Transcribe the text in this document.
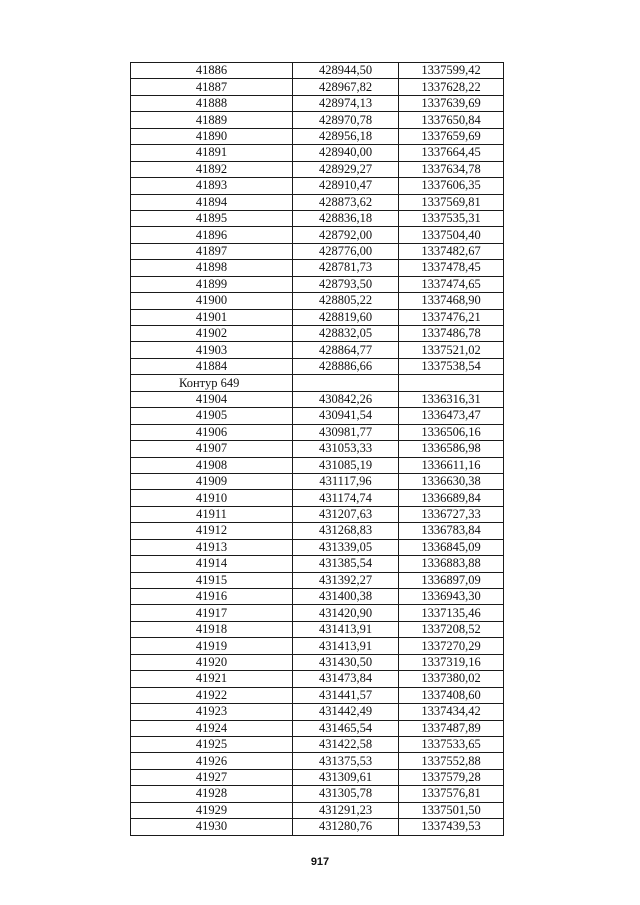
41886	428944,50	1337599,42
41887	428967,82	1337628,22
41888	428974,13	1337639,69
41889	428970,78	1337650,84
41890	428956,18	1337659,69
41891	428940,00	1337664,45
41892	428929,27	1337634,78
41893	428910,47	1337606,35
41894	428873,62	1337569,81
41895	428836,18	1337535,31
41896	428792,00	1337504,40
41897	428776,00	1337482,67
41898	428781,73	1337478,45
41899	428793,50	1337474,65
41900	428805,22	1337468,90
41901	428819,60	1337476,21
41902	428832,05	1337486,78
41903	428864,77	1337521,02
41884	428886,66	1337538,54
Контур 649		
41904	430842,26	1336316,31
41905	430941,54	1336473,47
41906	430981,77	1336506,16
41907	431053,33	1336586,98
41908	431085,19	1336611,16
41909	431117,96	1336630,38
41910	431174,74	1336689,84
41911	431207,63	1336727,33
41912	431268,83	1336783,84
41913	431339,05	1336845,09
41914	431385,54	1336883,88
41915	431392,27	1336897,09
41916	431400,38	1336943,30
41917	431420,90	1337135,46
41918	431413,91	1337208,52
41919	431413,91	1337270,29
41920	431430,50	1337319,16
41921	431473,84	1337380,02
41922	431441,57	1337408,60
41923	431442,49	1337434,42
41924	431465,54	1337487,89
41925	431422,58	1337533,65
41926	431375,53	1337552,88
41927	431309,61	1337579,28
41928	431305,78	1337576,81
41929	431291,23	1337501,50
41930	431280,76	1337439,53
917
